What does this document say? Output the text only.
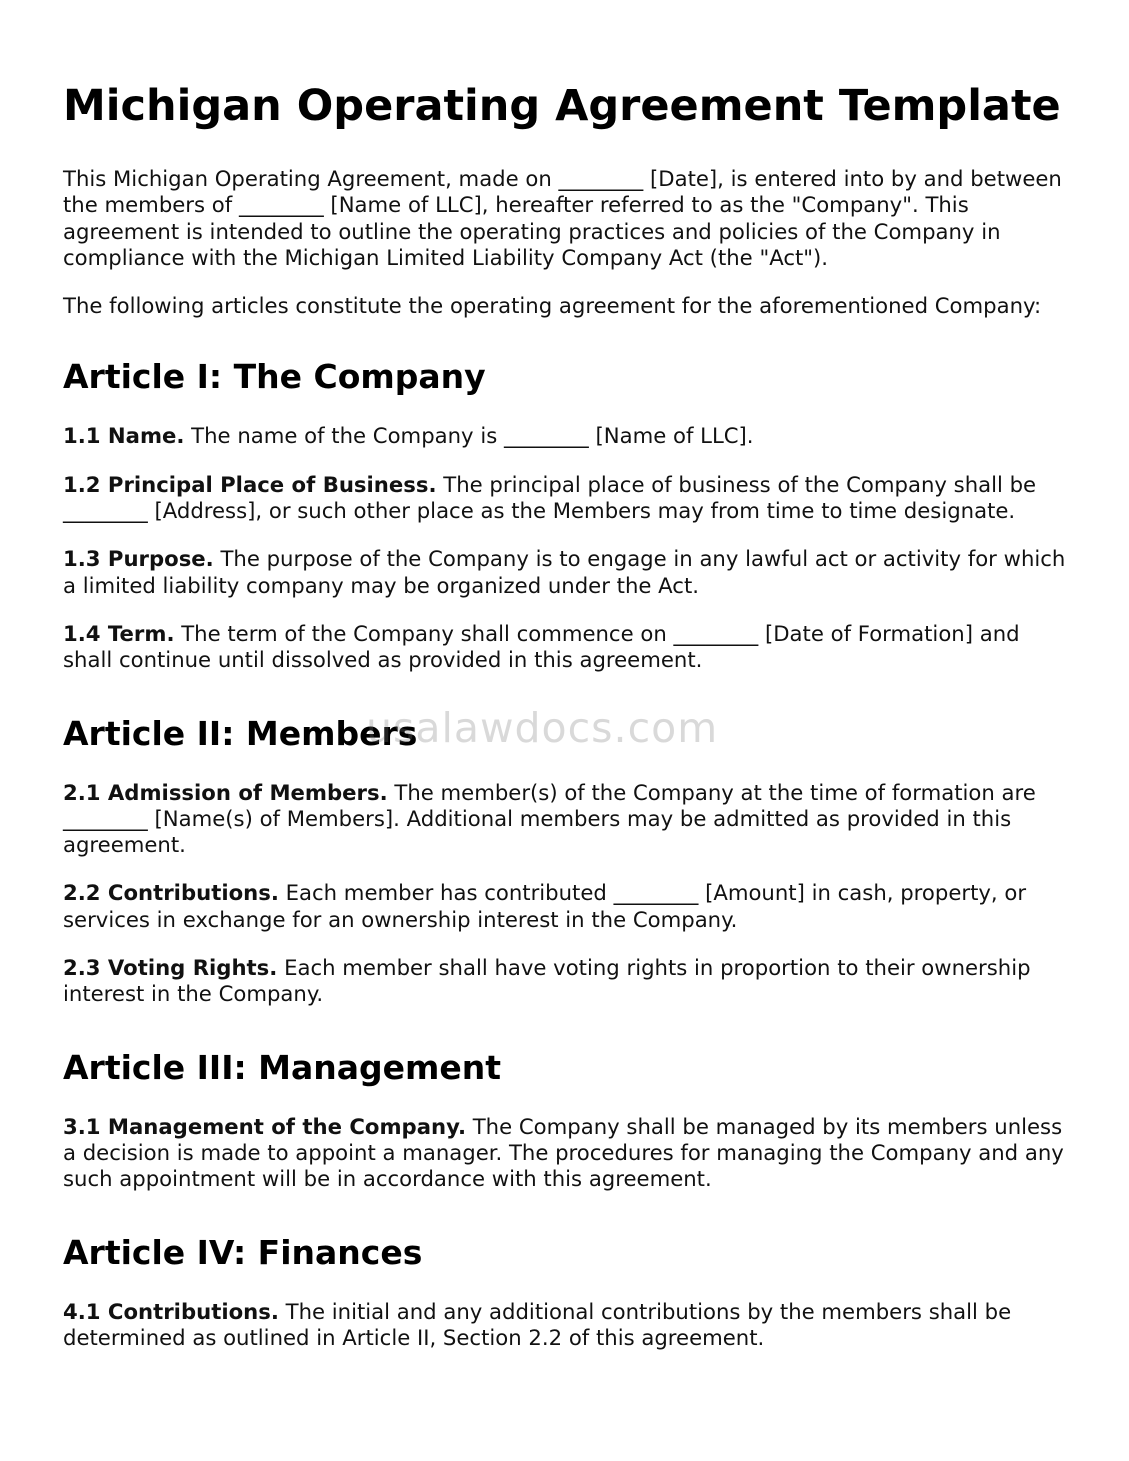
Michigan Operating Agreement Template

This Michigan Operating Agreement, made on ________ [Date], is entered into by and between the members of ________ [Name of LLC], hereafter referred to as the "Company". This agreement is intended to outline the operating practices and policies of the Company in compliance with the Michigan Limited Liability Company Act (the "Act").

The following articles constitute the operating agreement for the aforementioned Company:

Article I: The Company

1.1 Name. The name of the Company is ________ [Name of LLC].

1.2 Principal Place of Business. The principal place of business of the Company shall be ________ [Address], or such other place as the Members may from time to time designate.

1.3 Purpose. The purpose of the Company is to engage in any lawful act or activity for which a limited liability company may be organized under the Act.

1.4 Term. The term of the Company shall commence on ________ [Date of Formation] and shall continue until dissolved as provided in this agreement.

Article II: Members

2.1 Admission of Members. The member(s) of the Company at the time of formation are ________ [Name(s) of Members]. Additional members may be admitted as provided in this agreement.

2.2 Contributions. Each member has contributed ________ [Amount] in cash, property, or services in exchange for an ownership interest in the Company.

2.3 Voting Rights. Each member shall have voting rights in proportion to their ownership interest in the Company.

Article III: Management

3.1 Management of the Company. The Company shall be managed by its members unless a decision is made to appoint a manager. The procedures for managing the Company and any such appointment will be in accordance with this agreement.

Article IV: Finances

4.1 Contributions. The initial and any additional contributions by the members shall be determined as outlined in Article II, Section 2.2 of this agreement.

usalawdocs.com
